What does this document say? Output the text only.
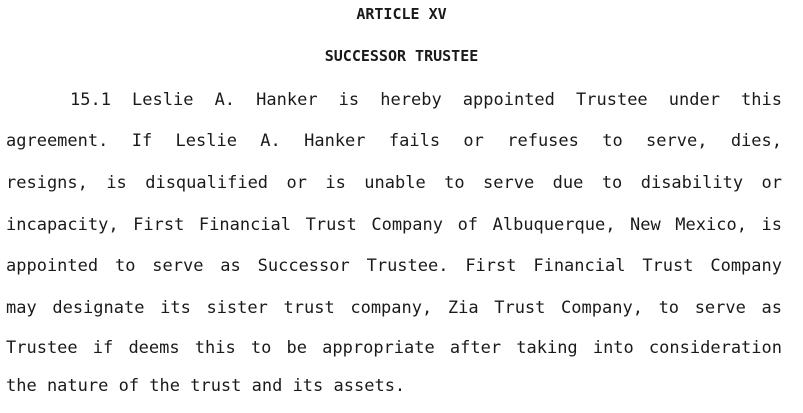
ARTICLE XV
SUCCESSOR TRUSTEE
15.1 Leslie A. Hanker is hereby appointed Trustee under this
agreement. If Leslie A. Hanker fails or refuses to serve, dies,
resigns, is disqualified or is unable to serve due to disability or
incapacity, First Financial Trust Company of Albuquerque, New Mexico, is
appointed to serve as Successor Trustee. First Financial Trust Company
may designate its sister trust company, Zia Trust Company, to serve as
Trustee if deems this to be appropriate after taking into consideration
the nature of the trust and its assets.
